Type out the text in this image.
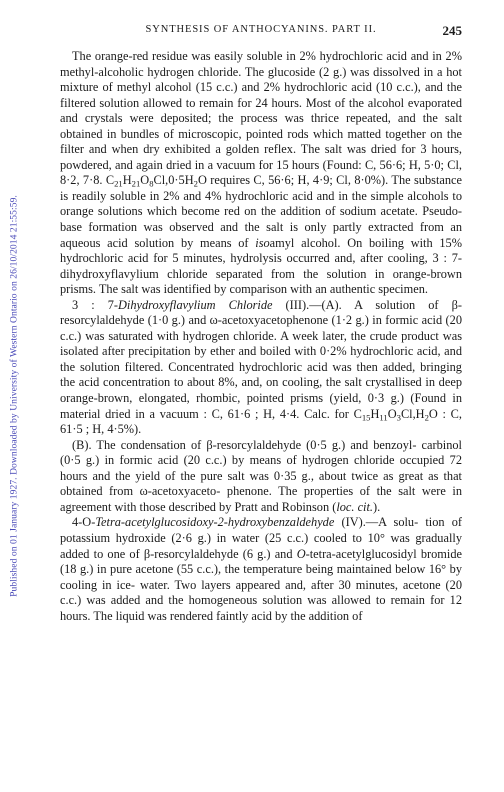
Published on 01 January 1927. Downloaded by University of Western Ontario on 26/10/2014 21:55:59.
SYNTHESIS OF ANTHOCYANINS. PART II.	245

The orange-red residue was easily soluble in 2% hydrochloric acid and in 2% methyl-alcoholic hydrogen chloride. The glucoside (2 g.) was dissolved in a hot mixture of methyl alcohol (15 c.c.) and 2% hydrochloric acid (10 c.c.), and the filtered solution allowed to remain for 24 hours. Most of the alcohol evaporated and crystals were deposited; the process was thrice repeated, and the salt obtained in bundles of microscopic, pointed rods which matted together on the filter and when dry exhibited a golden reflex. The salt was dried for 3 hours, powdered, and again dried in a vacuum for 15 hours (Found: C, 56·6; H, 5·0; Cl, 8·2, 7·8. $C_{21}H_{21}O_8Cl,0\cdot 5H_2O$ requires C, 56·6; H, 4·9; Cl, 8·0%). The substance is readily soluble in 2% and 4% hydrochloric acid and in the simple alcohols to orange solutions which become red on the addition of sodium acetate. Pseudo-base formation was observed and the salt is only partly extracted from an aqueous acid solution by means of isoamyl alcohol. On boiling with 15% hydrochloric acid for 5 minutes, hydrolysis occurred and, after cooling, 3 : 7-dihydroxyflavylium chloride separated from the solution in orange-brown prisms. The salt was identified by comparison with an authentic specimen.

3 : 7-Dihydroxyflavylium Chloride (III).—(A). A solution of β-resorcylaldehyde (1·0 g.) and ω-acetoxyacetophenone (1·2 g.) in formic acid (20 c.c.) was saturated with hydrogen chloride. A week later, the crude product was isolated after precipitation by ether and boiled with 0·2% hydrochloric acid, and the solution filtered. Concentrated hydrochloric acid was then added, bringing the acid concentration to about 8%, and, on cooling, the salt crystallised in deep orange-brown, elongated, rhombic, pointed prisms (yield, 0·3 g.) (Found in material dried in a vacuum : C, 61·6 ; H, 4·4. Calc. for $C_{15}H_{11}O_3Cl,H_2O$ : C, 61·5 ; H, 4·5%).

(B). The condensation of β-resorcylaldehyde (0·5 g.) and benzoyl- carbinol (0·5 g.) in formic acid (20 c.c.) by means of hydrogen chloride occupied 72 hours and the yield of the pure salt was 0·35 g., about twice as great as that obtained from ω-acetoxyaceto- phenone. The properties of the salt were in agreement with those described by Pratt and Robinson (loc. cit.).

4-O-Tetra-acetylglucosidoxy-2-hydroxybenzaldehyde (IV).—A solu- tion of potassium hydroxide (2·6 g.) in water (25 c.c.) cooled to 10° was gradually added to one of β-resorcylaldehyde (6 g.) and O-tetra-acetylglucosidyl bromide (18 g.) in pure acetone (55 c.c.), the temperature being maintained below 16° by cooling in ice- water. Two layers appeared and, after 30 minutes, acetone (20 c.c.) was added and the homogeneous solution was allowed to remain for 12 hours. The liquid was rendered faintly acid by the addition of
